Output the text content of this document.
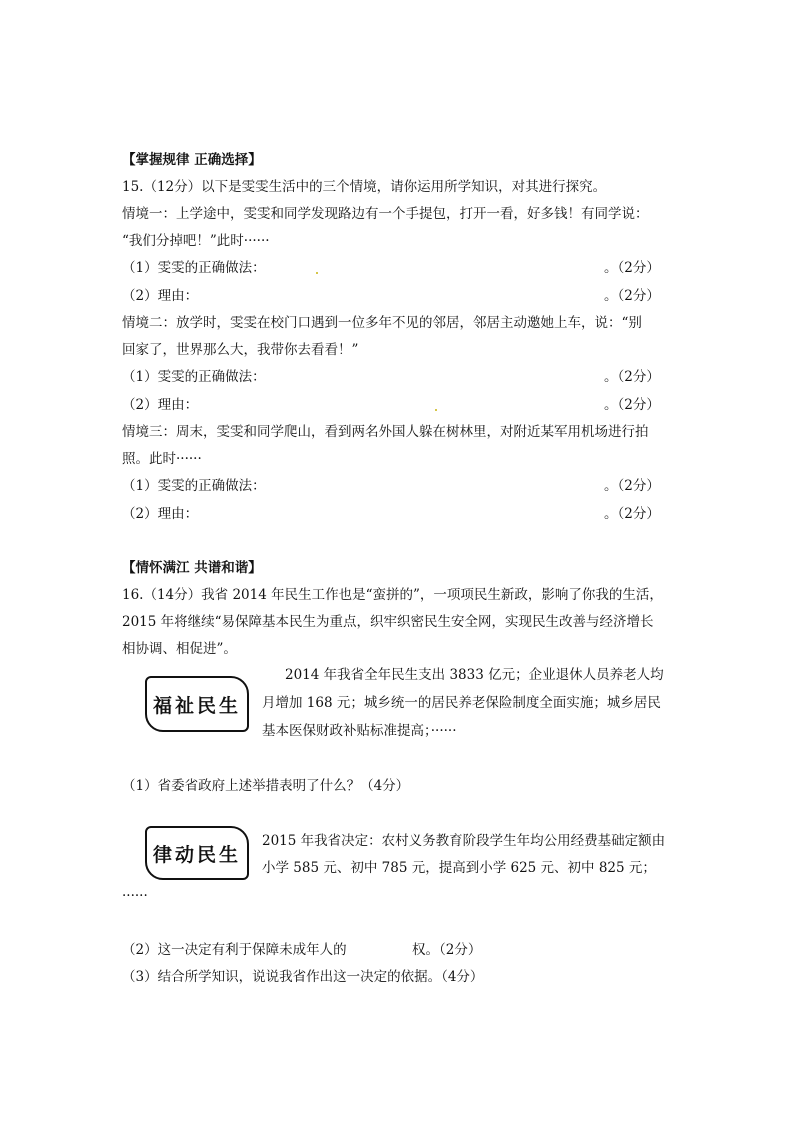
【掌握规律 正确选择】
15.（12分）以下是雯雯生活中的三个情境，请你运用所学知识，对其进行探究。
情境一：上学途中，雯雯和同学发现路边有一个手提包，打开一看，好多钱！有同学说：
“我们分掉吧！”此时······
（1）雯雯的正确做法：	。（2分）
（2）理由：	。（2分）
情境二：放学时，雯雯在校门口遇到一位多年不见的邻居，邻居主动邀她上车，说：“别
回家了，世界那么大，我带你去看看！”
（1）雯雯的正确做法：	。（2分）
（2）理由：	。（2分）
情境三：周末，雯雯和同学爬山，看到两名外国人躲在树林里，对附近某军用机场进行拍
照。此时······
（1）雯雯的正确做法：	。（2分）
（2）理由：	。（2分）
【情怀满江 共谱和谐】
16.（14分）我省 2014 年民生工作也是“蛮拼的”，一项项民生新政，影响了你我的生活，
2015 年将继续“易保障基本民生为重点，织牢织密民生安全网，实现民生改善与经济增长
相协调、相促进”。
福祉民生
2014 年我省全年民生支出 3833 亿元；企业退休人员养老人均
月增加 168 元；城乡统一的居民养老保险制度全面实施；城乡居民
基本医保财政补贴标准提高；······
（1）省委省政府上述举措表明了什么？（4分）
律动民生
2015 年我省决定：农村义务教育阶段学生年均公用经费基础定额由
小学 585 元、初中 785 元，提高到小学 625 元、初中 825 元；
······
（2）这一决定有利于保障未成年人的	权。（2分）
（3）结合所学知识，说说我省作出这一决定的依据。（4分）
